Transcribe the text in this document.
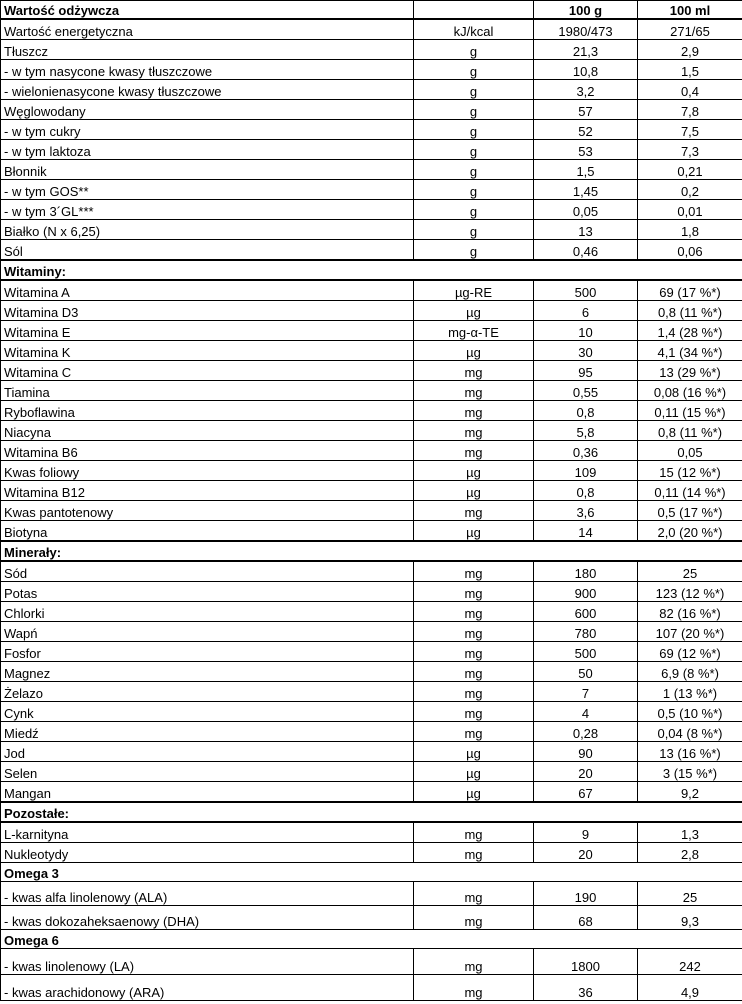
Wartość odżywcza		100 g	100 ml
Wartość energetyczna	kJ/kcal	1980/473	271/65
Tłuszcz	g	21,3	2,9
- w tym nasycone kwasy tłuszczowe	g	10,8	1,5
- wielonienasycone kwasy tłuszczowe	g	3,2	0,4
Węglowodany	g	57	7,8
- w tym cukry	g	52	7,5
- w tym laktoza	g	53	7,3
Błonnik	g	1,5	0,21
- w tym GOS**	g	1,45	0,2
- w tym 3´GL***	g	0,05	0,01
Białko (N x 6,25)	g	13	1,8
Sól	g	0,46	0,06
Witaminy:			
Witamina A	µg-RE	500	69 (17 %*)
Witamina D3	µg	6	0,8 (11 %*)
Witamina E	mg-α-TE	10	1,4 (28 %*)
Witamina K	µg	30	4,1 (34 %*)
Witamina C	mg	95	13 (29 %*)
Tiamina	mg	0,55	0,08 (16 %*)
Ryboflawina	mg	0,8	0,11 (15 %*)
Niacyna	mg	5,8	0,8 (11 %*)
Witamina B6	mg	0,36	0,05
Kwas foliowy	µg	109	15 (12 %*)
Witamina B12	µg	0,8	0,11 (14 %*)
Kwas pantotenowy	mg	3,6	0,5 (17 %*)
Biotyna	µg	14	2,0 (20 %*)
Minerały:			
Sód	mg	180	25
Potas	mg	900	123 (12 %*)
Chlorki	mg	600	82 (16 %*)
Wapń	mg	780	107 (20 %*)
Fosfor	mg	500	69 (12 %*)
Magnez	mg	50	6,9 (8 %*)
Żelazo	mg	7	1 (13 %*)
Cynk	mg	4	0,5 (10 %*)
Miedź	mg	0,28	0,04 (8 %*)
Jod	µg	90	13 (16 %*)
Selen	µg	20	3 (15 %*)
Mangan	µg	67	9,2
Pozostałe:			
L-karnityna	mg	9	1,3
Nukleotydy	mg	20	2,8
Omega 3			
- kwas alfa linolenowy (ALA)	mg	190	25
- kwas dokozaheksaenowy (DHA)	mg	68	9,3
Omega 6			
- kwas linolenowy (LA)	mg	1800	242
- kwas arachidonowy (ARA)	mg	36	4,9
